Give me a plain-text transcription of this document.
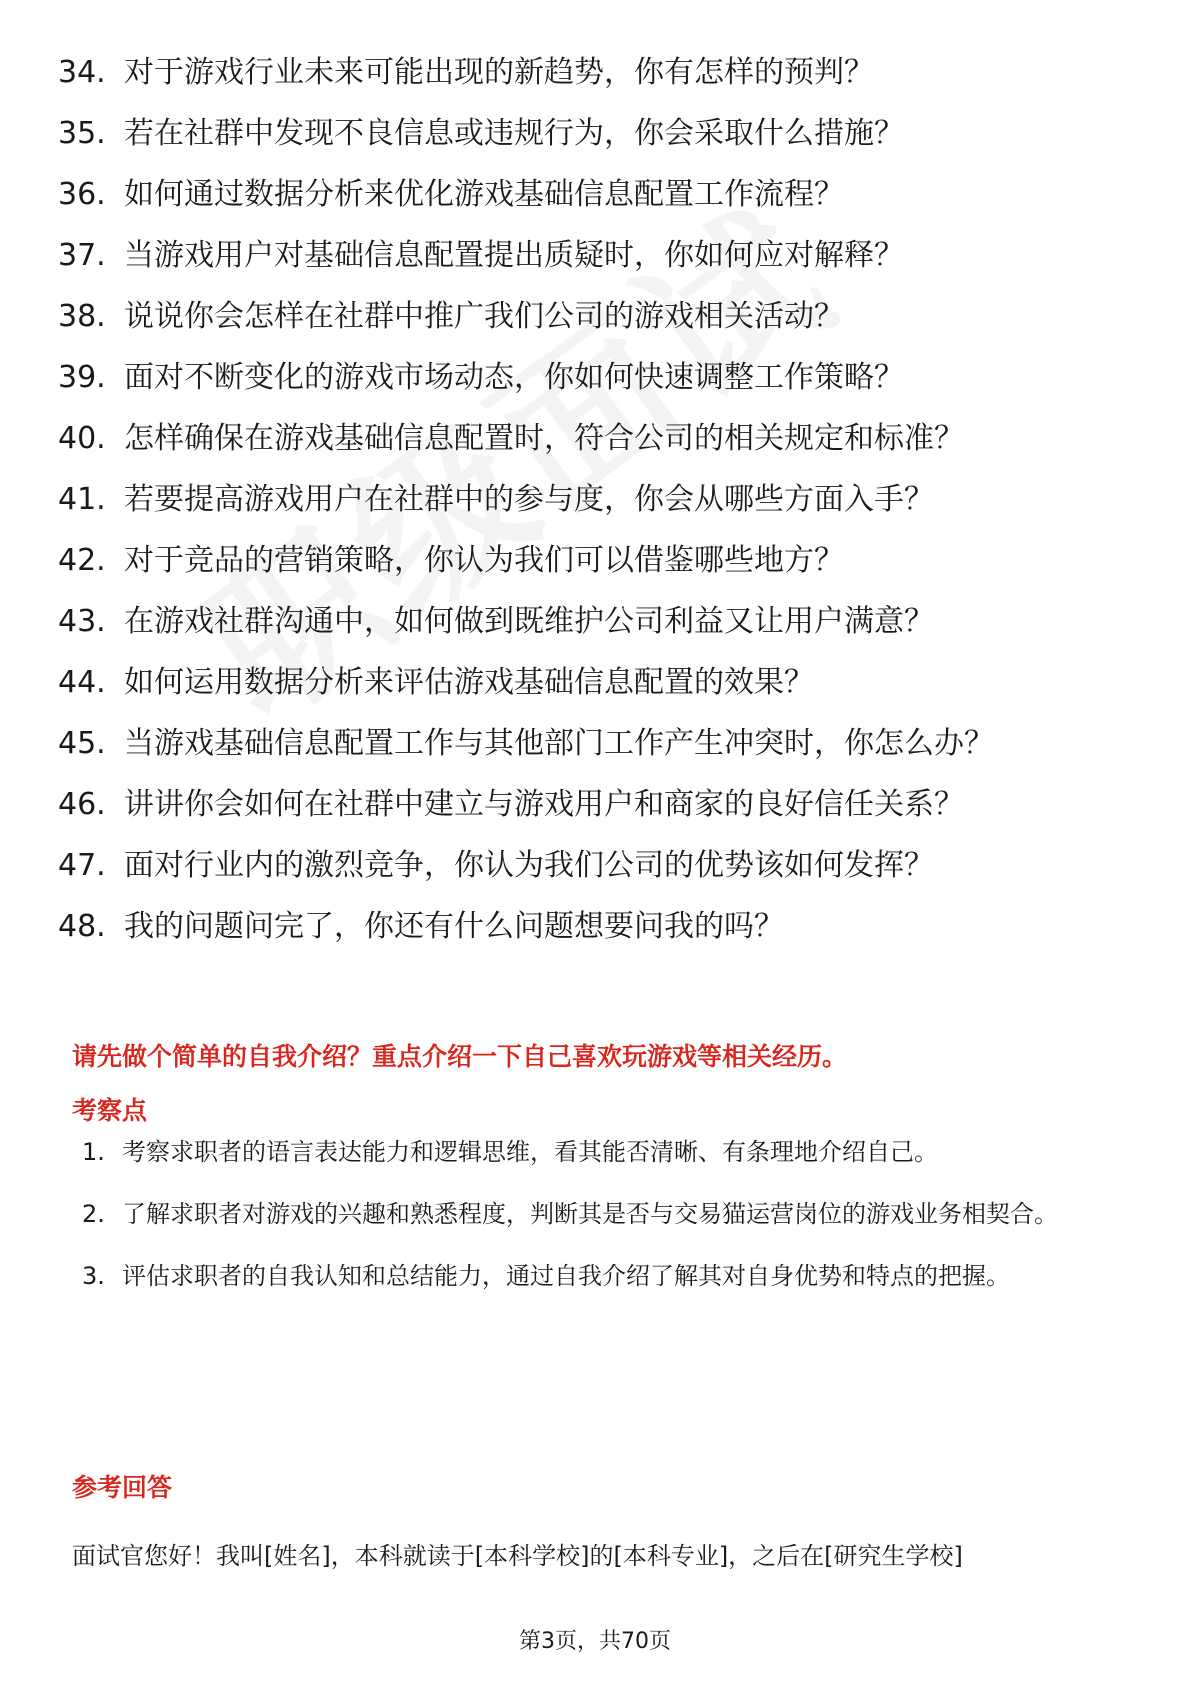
34. 对于游戏行业未来可能出现的新趋势，你有怎样的预判？
35. 若在社群中发现不良信息或违规行为，你会采取什么措施？
36. 如何通过数据分析来优化游戏基础信息配置工作流程？
37. 当游戏用户对基础信息配置提出质疑时，你如何应对解释？
38. 说说你会怎样在社群中推广我们公司的游戏相关活动？
39. 面对不断变化的游戏市场动态，你如何快速调整工作策略？
40. 怎样确保在游戏基础信息配置时，符合公司的相关规定和标准？
41. 若要提高游戏用户在社群中的参与度，你会从哪些方面入手？
42. 对于竞品的营销策略，你认为我们可以借鉴哪些地方？
43. 在游戏社群沟通中，如何做到既维护公司利益又让用户满意？
44. 如何运用数据分析来评估游戏基础信息配置的效果？
45. 当游戏基础信息配置工作与其他部门工作产生冲突时，你怎么办？
46. 讲讲你会如何在社群中建立与游戏用户和商家的良好信任关系？
47. 面对行业内的激烈竞争，你认为我们公司的优势该如何发挥？
48. 我的问题问完了，你还有什么问题想要问我的吗？
请先做个简单的自我介绍？重点介绍一下自己喜欢玩游戏等相关经历。
考察点
1. 考察求职者的语言表达能力和逻辑思维，看其能否清晰、有条理地介绍自己。
2. 了解求职者对游戏的兴趣和熟悉程度，判断其是否与交易猫运营岗位的游戏业务相契合。
3. 评估求职者的自我认知和总结能力，通过自我介绍了解其对自身优势和特点的把握。
参考回答
面试官您好！我叫[姓名]，本科就读于[本科学校]的[本科专业]，之后在[研究生学校]
第3页，共70页
